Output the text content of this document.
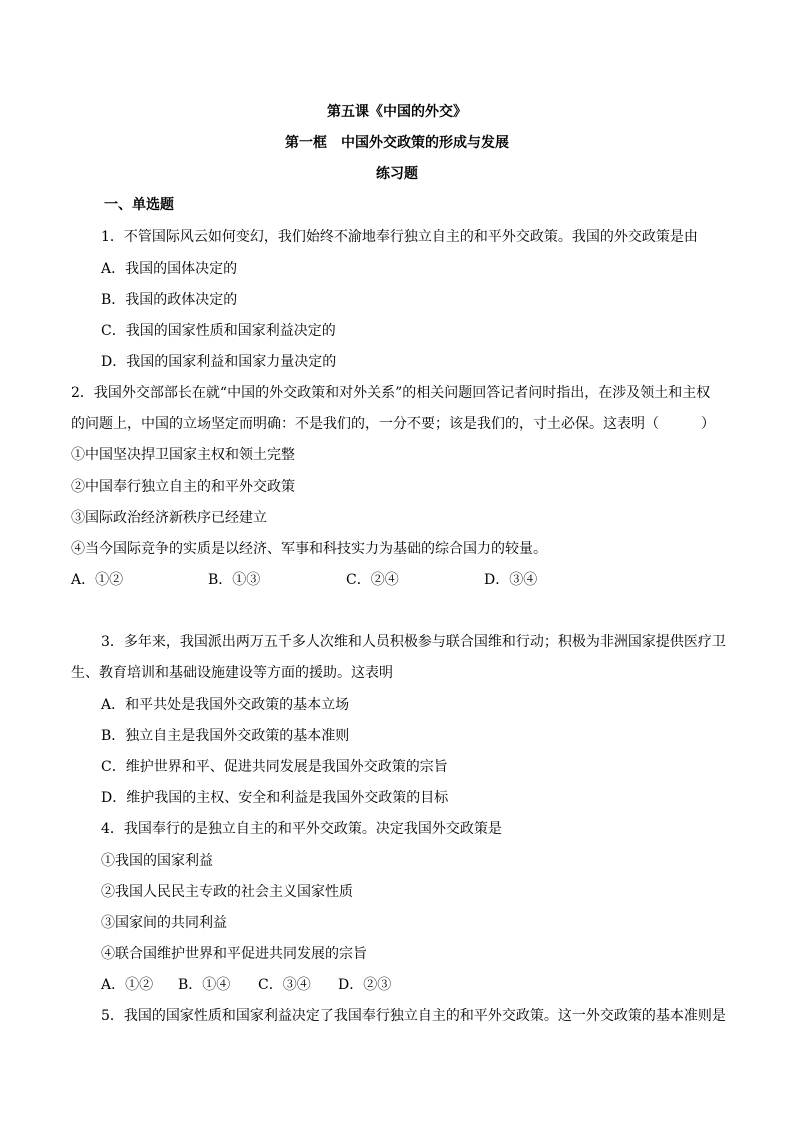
第五课《中国的外交》
第一框　中国外交政策的形成与发展
练习题
一、单选题
1．不管国际风云如何变幻，我们始终不渝地奉行独立自主的和平外交政策。我国的外交政策是由
A．我国的国体决定的
B．我国的政体决定的
C．我国的国家性质和国家利益决定的
D．我国的国家利益和国家力量决定的
2．我国外交部部长在就“中国的外交政策和对外关系”的相关问题回答记者问时指出，在涉及领土和主权
的问题上，中国的立场坚定而明确：不是我们的，一分不要；该是我们的，寸土必保。这表明（　　　）
①中国坚决捍卫国家主权和领土完整
②中国奉行独立自主的和平外交政策
③国际政治经济新秩序已经建立
④当今国际竞争的实质是以经济、军事和科技实力为基础的综合国力的较量。
A．①②	B．①③	C．②④	D．③④
3．多年来，我国派出两万五千多人次维和人员积极参与联合国维和行动；积极为非洲国家提供医疗卫
生、教育培训和基础设施建设等方面的援助。这表明
A．和平共处是我国外交政策的基本立场
B．独立自主是我国外交政策的基本准则
C．维护世界和平、促进共同发展是我国外交政策的宗旨
D．维护我国的主权、安全和利益是我国外交政策的目标
4．我国奉行的是独立自主的和平外交政策。决定我国外交政策是
①我国的国家利益
②我国人民民主专政的社会主义国家性质
③国家间的共同利益
④联合国维护世界和平促进共同发展的宗旨
A．①② B．①④ C．③④ D．②③
5．我国的国家性质和国家利益决定了我国奉行独立自主的和平外交政策。这一外交政策的基本准则是
